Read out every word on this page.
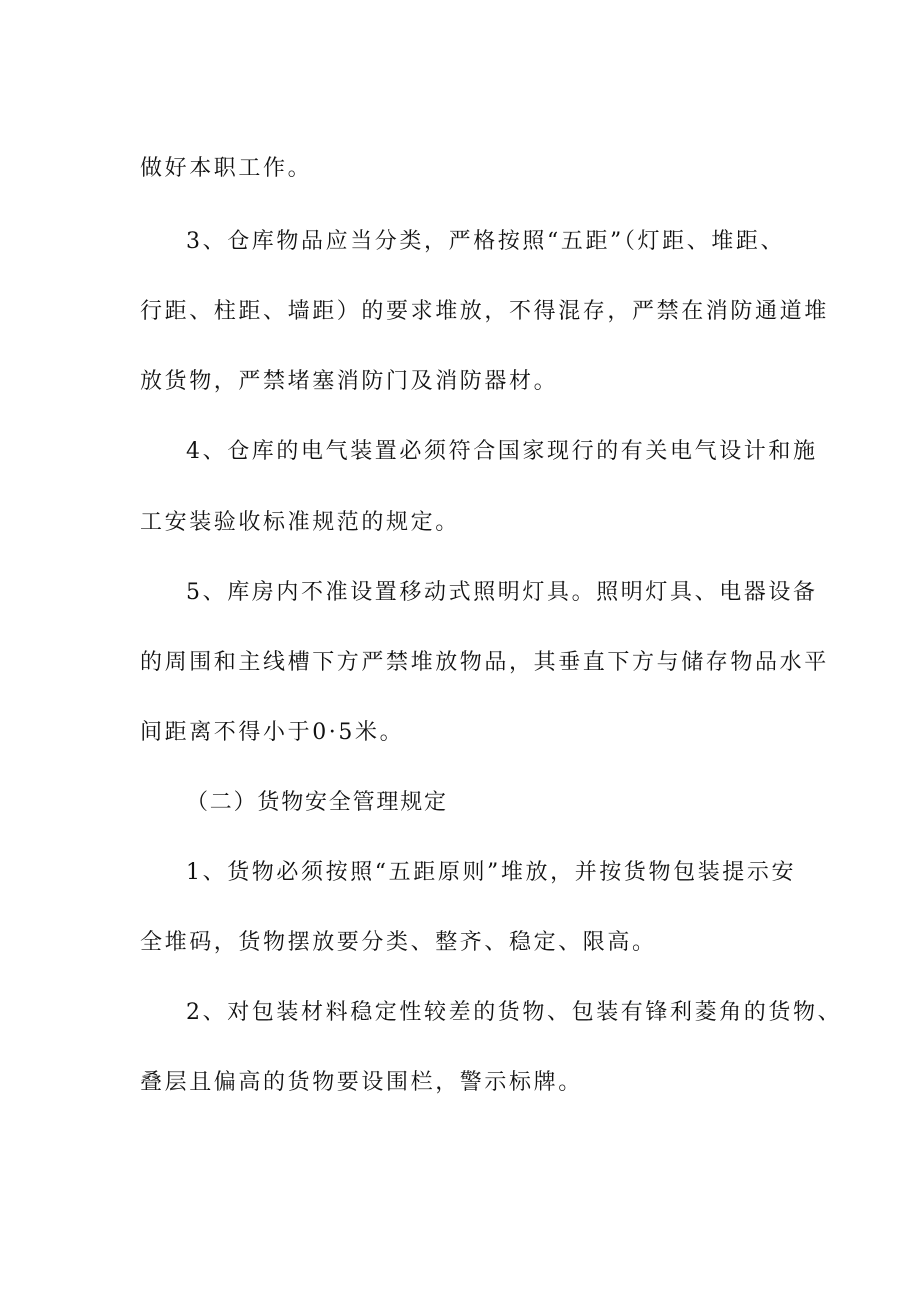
做好本职工作。
3、仓库物品应当分类，严格按照“五距”（灯距、堆距、
行距、柱距、墙距）的要求堆放，不得混存，严禁在消防通道堆
放货物，严禁堵塞消防门及消防器材。
4、仓库的电气装置必须符合国家现行的有关电气设计和施
工安装验收标准规范的规定。
5、库房内不准设置移动式照明灯具。照明灯具、电器设备
的周围和主线槽下方严禁堆放物品，其垂直下方与储存物品水平
间距离不得小于0·5米。
（二）货物安全管理规定
1、货物必须按照“五距原则”堆放，并按货物包装提示安
全堆码，货物摆放要分类、整齐、稳定、限高。
2、对包装材料稳定性较差的货物、包装有锋利菱角的货物、
叠层且偏高的货物要设围栏，警示标牌。
